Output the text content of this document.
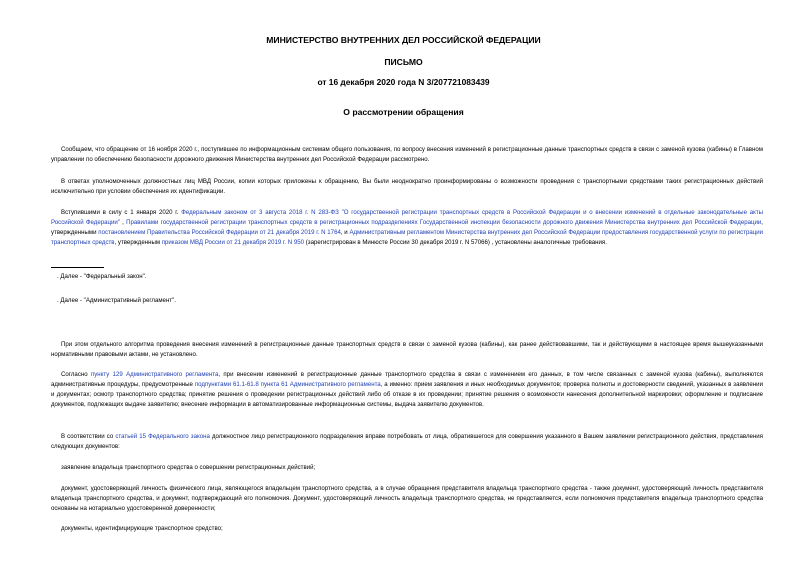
МИНИСТЕРСТВО ВНУТРЕННИХ ДЕЛ РОССИЙСКОЙ ФЕДЕРАЦИИ
ПИСЬМО
от 16 декабря 2020 года N 3/207721083439
О рассмотрении обращения

Сообщаем, что обращение от 16 ноября 2020 г., поступившее по информационным системам общего пользования, по вопросу внесения изменений в регистрационные данные транспортных средств в связи с заменой кузова (кабины) в Главном управлении по обеспечению безопасности дорожного движения Министерства внутренних дел Российской Федерации рассмотрено.

В ответах уполномоченных должностных лиц МВД России, копии которых приложены к обращению, Вы были неоднократно проинформированы о возможности проведения с транспортными средствами таких регистрационных действий исключительно при условии обеспечения их идентификации.

Вступившими в силу с 1 января 2020 г. Федеральным законом от 3 августа 2018 г. N 283-ФЗ "О государственной регистрации транспортных средств в Российской Федерации и о внесении изменений в отдельные законодательные акты Российской Федерации" , Правилами государственной регистрации транспортных средств в регистрационных подразделениях Государственной инспекции безопасности дорожного движения Министерства внутренних дел Российской Федерации, утвержденными постановлением Правительства Российской Федерации от 21 декабря 2019 г. N 1764, и Административным регламентом Министерства внутренних дел Российской Федерации предоставления государственной услуги по регистрации транспортных средств, утвержденным приказом МВД России от 21 декабря 2019 г. N 950 (зарегистрирован в Минюсте России 30 декабря 2019 г. N 57066) , установлены аналогичные требования.

. Далее - "Федеральный закон".
. Далее - "Административный регламент".

При этом отдельного алгоритма проведения внесения изменений в регистрационные данные транспортных средств в связи с заменой кузова (кабины), как ранее действовавшими, так и действующими в настоящее время вышеуказанными нормативными правовыми актами, не установлено.

Согласно пункту 129 Административного регламента, при внесении изменений в регистрационные данные транспортного средства в связи с изменением его данных, в том числе связанных с заменой кузова (кабины), выполняются административные процедуры, предусмотренные подпунктами 61.1-61.8 пункта 61 Административного регламента, а именно: прием заявления и иных необходимых документов; проверка полноты и достоверности сведений, указанных в заявлении и документах; осмотр транспортного средства; принятие решения о проведении регистрационных действий либо об отказе в их проведении; принятие решения о возможности нанесения дополнительной маркировки; оформление и подписание документов, подлежащих выдаче заявителю; внесение информации в автоматизированные информационные системы, выдача заявителю документов.

В соответствии со статьей 15 Федерального закона должностное лицо регистрационного подразделения вправе потребовать от лица, обратившегося для совершения указанного в Вашем заявлении регистрационного действия, представления следующих документов:

заявление владельца транспортного средства о совершении регистрационных действий;

документ, удостоверяющий личность физического лица, являющегося владельцем транспортного средства, а в случае обращения представителя владельца транспортного средства - также документ, удостоверяющий личность представителя владельца транспортного средства, и документ, подтверждающий его полномочия. Документ, удостоверяющий личность владельца транспортного средства, не представляется, если полномочия представителя владельца транспортного средства основаны на нотариально удостоверенной доверенности;

документы, идентифицирующие транспортное средство;
